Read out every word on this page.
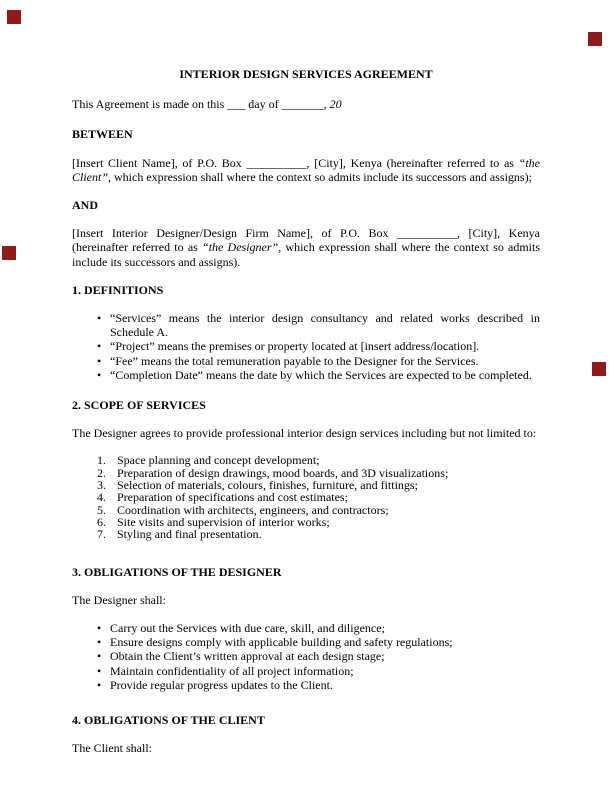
INTERIOR DESIGN SERVICES AGREEMENT

This Agreement is made on this ___ day of _______, 20

BETWEEN

[Insert Client Name], of P.O. Box __________, [City], Kenya (hereinafter referred to as “the Client”, which expression shall where the context so admits include its successors and assigns);

AND

[Insert Interior Designer/Design Firm Name], of P.O. Box __________, [City], Kenya (hereinafter referred to as “the Designer”, which expression shall where the context so admits include its successors and assigns).

1. DEFINITIONS
• “Services” means the interior design consultancy and related works described in Schedule A.
• “Project” means the premises or property located at [insert address/location].
• “Fee” means the total remuneration payable to the Designer for the Services.
• “Completion Date” means the date by which the Services are expected to be completed.
2. SCOPE OF SERVICES

The Designer agrees to provide professional interior design services including but not limited to:

Space planning and concept development;
Preparation of design drawings, mood boards, and 3D visualizations;
Selection of materials, colours, finishes, furniture, and fittings;
Preparation of specifications and cost estimates;
Coordination with architects, engineers, and contractors;
Site visits and supervision of interior works;
Styling and final presentation.
3. OBLIGATIONS OF THE DESIGNER

The Designer shall:

• Carry out the Services with due care, skill, and diligence;
• Ensure designs comply with applicable building and safety regulations;
• Obtain the Client’s written approval at each design stage;
• Maintain confidentiality of all project information;
• Provide regular progress updates to the Client.
4. OBLIGATIONS OF THE CLIENT

The Client shall:
